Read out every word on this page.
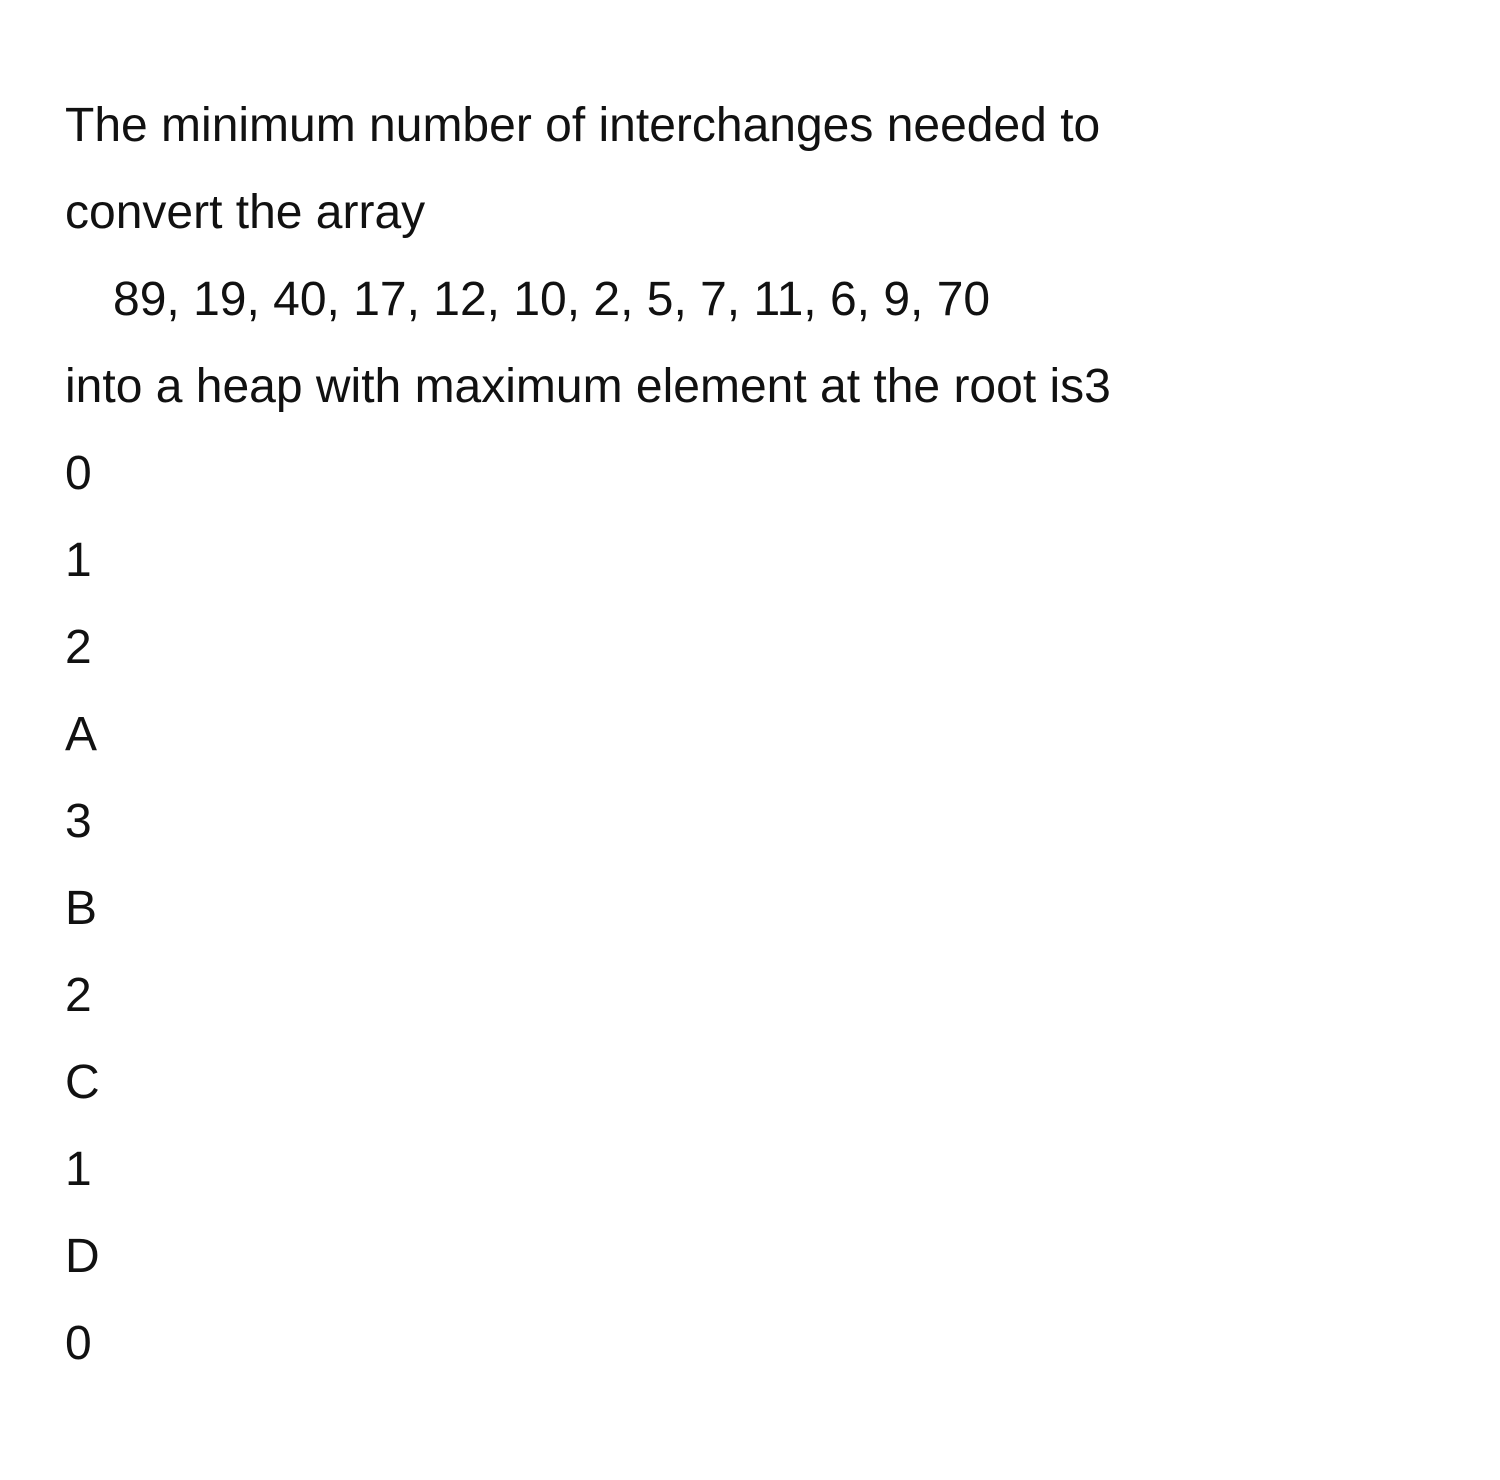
The minimum number of interchanges needed to
convert the array
89, 19, 40, 17, 12, 10, 2, 5, 7, 11, 6, 9, 70
into a heap with maximum element at the root is3
0
1
2
A
3
B
2
C
1
D
0
